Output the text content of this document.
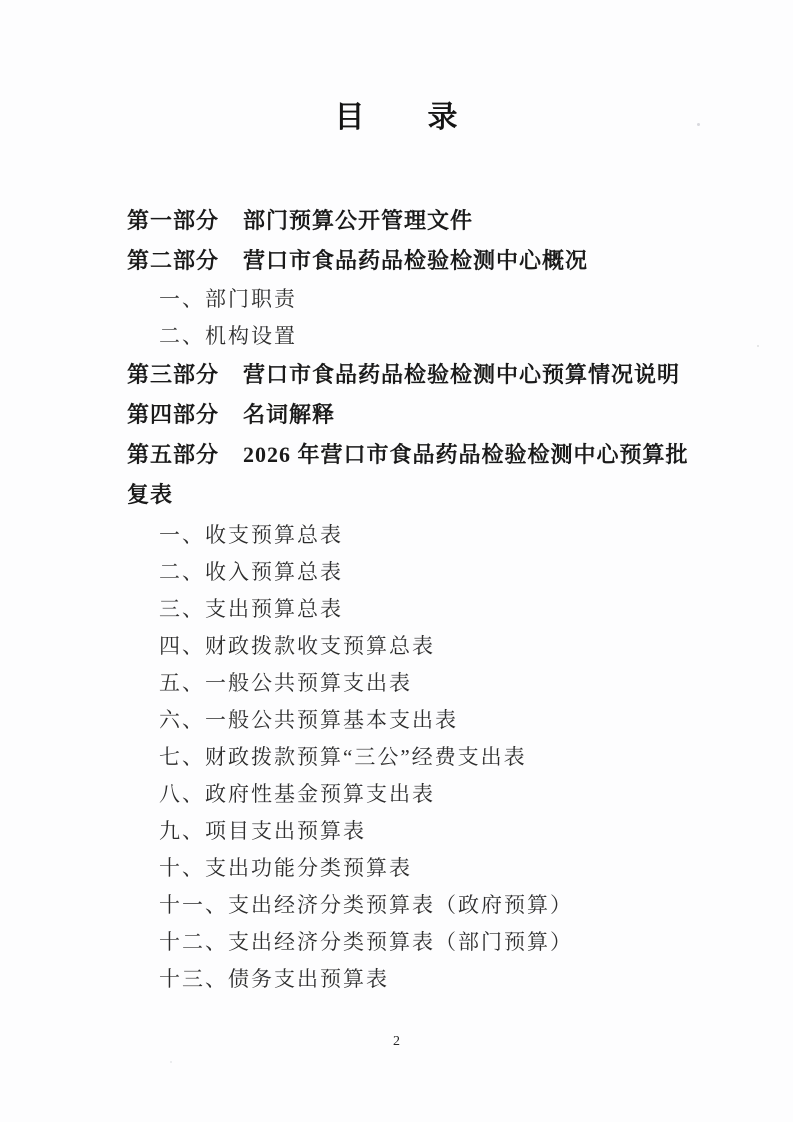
目　　录
第一部分 部门预算公开管理文件
第二部分 营口市食品药品检验检测中心概况
一、部门职责
二、机构设置
第三部分 营口市食品药品检验检测中心预算情况说明
第四部分 名词解释
第五部分 2026 年营口市食品药品检验检测中心预算批
复表
一、收支预算总表
二、收入预算总表
三、支出预算总表
四、财政拨款收支预算总表
五、一般公共预算支出表
六、一般公共预算基本支出表
七、财政拨款预算“三公”经费支出表
八、政府性基金预算支出表
九、项目支出预算表
十、支出功能分类预算表
十一、支出经济分类预算表（政府预算）
十二、支出经济分类预算表（部门预算）
十三、债务支出预算表
2
